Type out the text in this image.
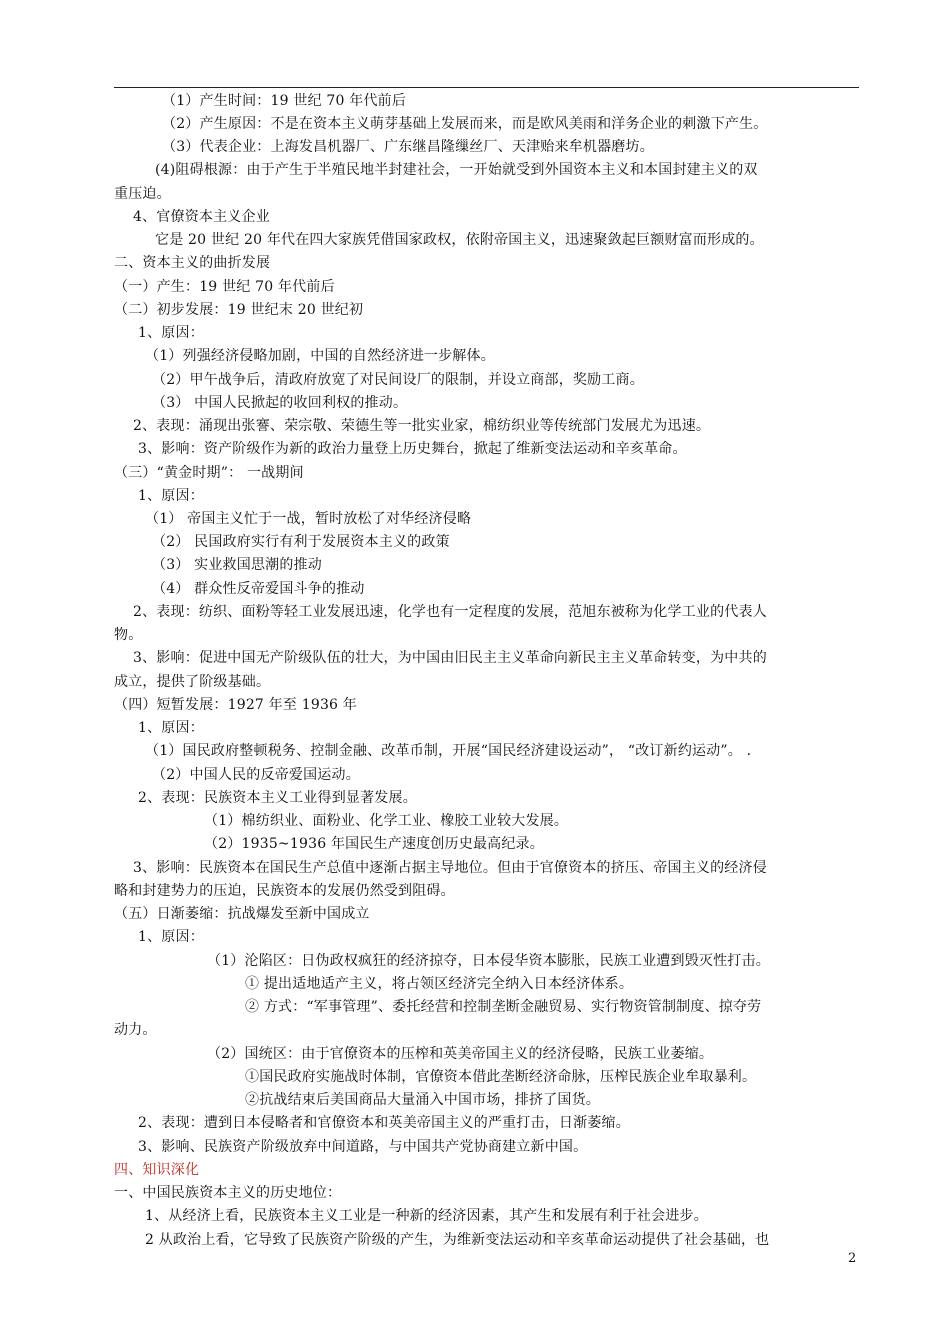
（1）产生时间：19 世纪 70 年代前后
（2）产生原因：不是在资本主义萌芽基础上发展而来，而是欧风美雨和洋务企业的刺激下产生。
（3）代表企业：上海发昌机器厂、广东继昌隆缫丝厂、天津贻来牟机器磨坊。
(4)阻碍根源：由于产生于半殖民地半封建社会，一开始就受到外国资本主义和本国封建主义的双
重压迫。
4、官僚资本主义企业
它是 20 世纪 20 年代在四大家族凭借国家政权，依附帝国主义，迅速聚敛起巨额财富而形成的。
二、资本主义的曲折发展
（一）产生：19 世纪 70 年代前后
（二）初步发展：19 世纪末 20 世纪初
1、原因：
（1）列强经济侵略加剧，中国的自然经济进一步解体。
（2）甲午战争后，清政府放宽了对民间设厂的限制，并设立商部，奖励工商。
（3） 中国人民掀起的收回利权的推动。
2、表现：涌现出张謇、荣宗敬、荣德生等一批实业家，棉纺织业等传统部门发展尤为迅速。
3、影响：资产阶级作为新的政治力量登上历史舞台，掀起了维新变法运动和辛亥革命。
（三）“黄金时期”： 一战期间
1、原因：
（1） 帝国主义忙于一战，暂时放松了对华经济侵略
（2） 民国政府实行有利于发展资本主义的政策
（3） 实业救国思潮的推动
（4） 群众性反帝爱国斗争的推动
2、表现：纺织、面粉等轻工业发展迅速，化学也有一定程度的发展，范旭东被称为化学工业的代表人
物。
3、影响：促进中国无产阶级队伍的壮大，为中国由旧民主主义革命向新民主主义革命转变，为中共的
成立，提供了阶级基础。
（四）短暂发展：1927 年至 1936 年
1、原因：
（1）国民政府整顿税务、控制金融、改革币制，开展“国民经济建设运动”， “改订新约运动”。 .
（2）中国人民的反帝爱国运动。
2、表现：民族资本主义工业得到显著发展。
（1）棉纺织业、面粉业、化学工业、橡胶工业较大发展。
（2）1935~1936 年国民生产速度创历史最高纪录。
3、影响：民族资本在国民生产总值中逐渐占据主导地位。但由于官僚资本的挤压、帝国主义的经济侵
略和封建势力的压迫，民族资本的发展仍然受到阻碍。
（五）日渐萎缩：抗战爆发至新中国成立
1、原因：
（1）沦陷区：日伪政权疯狂的经济掠夺，日本侵华资本膨胀，民族工业遭到毁灭性打击。
① 提出适地适产主义，将占领区经济完全纳入日本经济体系。
② 方式：“军事管理”、委托经营和控制垄断金融贸易、实行物资管制制度、掠夺劳
动力。
（2）国统区：由于官僚资本的压榨和英美帝国主义的经济侵略，民族工业萎缩。
①国民政府实施战时体制，官僚资本借此垄断经济命脉，压榨民族企业牟取暴利。
②抗战结束后美国商品大量涌入中国市场，排挤了国货。
2、表现：遭到日本侵略者和官僚资本和英美帝国主义的严重打击，日渐萎缩。
3、影响、民族资产阶级放弃中间道路，与中国共产党协商建立新中国。
四、知识深化
一、中国民族资本主义的历史地位：
1、从经济上看，民族资本主义工业是一种新的经济因素，其产生和发展有利于社会进步。
2 从政治上看，它导致了民族资产阶级的产生，为维新变法运动和辛亥革命运动提供了社会基础，也
2
